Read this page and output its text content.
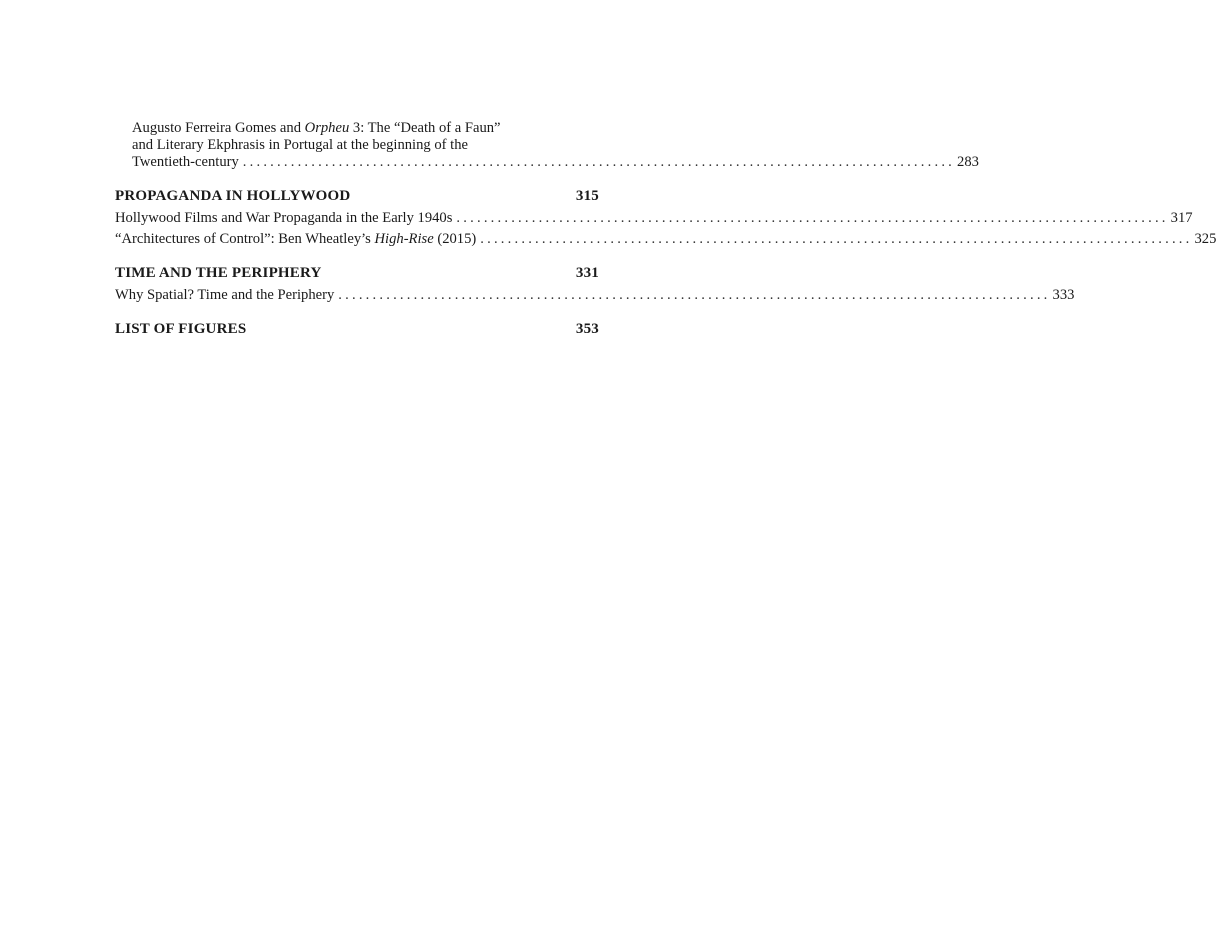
Augusto Ferreira Gomes and Orpheu 3: The “Death of a Faun”
and Literary Ekphrasis in Portugal at the beginning of the
Twentieth-century ........................................................................................................ 283
PROPAGANDA IN HOLLYWOOD	315
Hollywood Films and War Propaganda in the Early 1940s ........................................................................................................ 317
“Architectures of Control”: Ben Wheatley’s High-Rise (2015) ........................................................................................................ 325
TIME AND THE PERIPHERY	331
Why Spatial? Time and the Periphery ........................................................................................................ 333
LIST OF FIGURES	353
